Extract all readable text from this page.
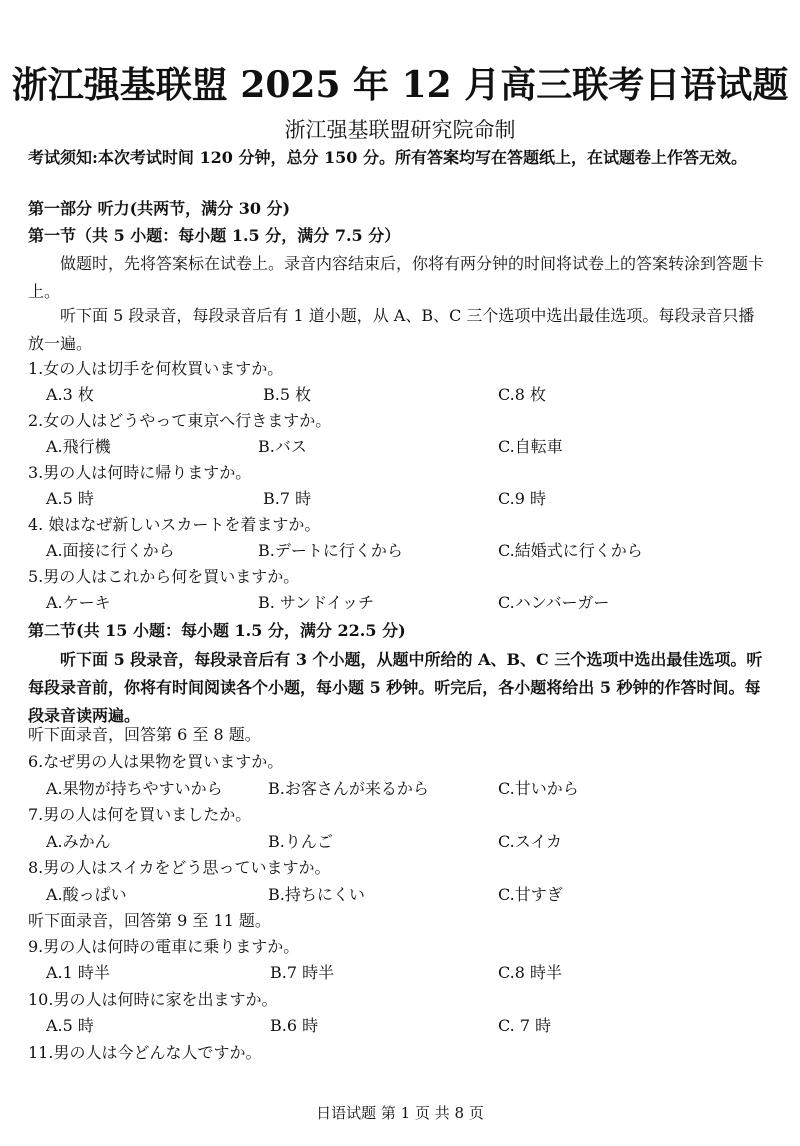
浙江强基联盟 2025 年 12 月高三联考日语试题
浙江强基联盟研究院命制
考试须知:本次考试时间 120 分钟，总分 150 分。所有答案均写在答题纸上，在试题卷上作答无效。
第一部分 听力(共两节，满分 30 分)
第一节（共 5 小题：每小题 1.5 分，满分 7.5 分）
做题时，先将答案标在试卷上。录音内容结束后，你将有两分钟的时间将试卷上的答案转涂到答题卡上。
听下面 5 段录音，每段录音后有 1 道小题，从 A、B、C 三个选项中选出最佳选项。每段录音只播放一遍。
1.女の人は切手を何枚買いますか。
A.3 枚	B.5 枚	C.8 枚
2.女の人はどうやって東京へ行きますか。
A.飛行機	B.バス	C.自転車
3.男の人は何時に帰りますか。
A.5 時	B.7 時	C.9 時
4. 娘はなぜ新しいスカートを着ますか。
A.面接に行くから	B.デートに行くから	C.結婚式に行くから
5.男の人はこれから何を買いますか。
A.ケーキ	B. サンドイッチ	C.ハンバーガー
第二节(共 15 小题：每小题 1.5 分，满分 22.5 分)
听下面 5 段录音，每段录音后有 3 个小题，从题中所给的 A、B、C 三个选项中选出最佳选项。听每段录音前，你将有时间阅读各个小题，每小题 5 秒钟。听完后，各小题将给出 5 秒钟的作答时间。每段录音读两遍。
听下面录音，回答第 6 至 8 题。
6.なぜ男の人は果物を買いますか。
A.果物が持ちやすいから	B.お客さんが来るから	C.甘いから
7.男の人は何を買いましたか。
A.みかん	B.りんご	C.スイカ
8.男の人はスイカをどう思っていますか。
A.酸っぱい	B.持ちにくい	C.甘すぎ
听下面录音，回答第 9 至 11 题。
9.男の人は何時の電車に乗りますか。
A.1 時半	B.7 時半	C.8 時半
10.男の人は何時に家を出ますか。
A.5 時	B.6 時	C. 7 時
11.男の人は今どんな人ですか。
日语试题 第 1 页 共 8 页
